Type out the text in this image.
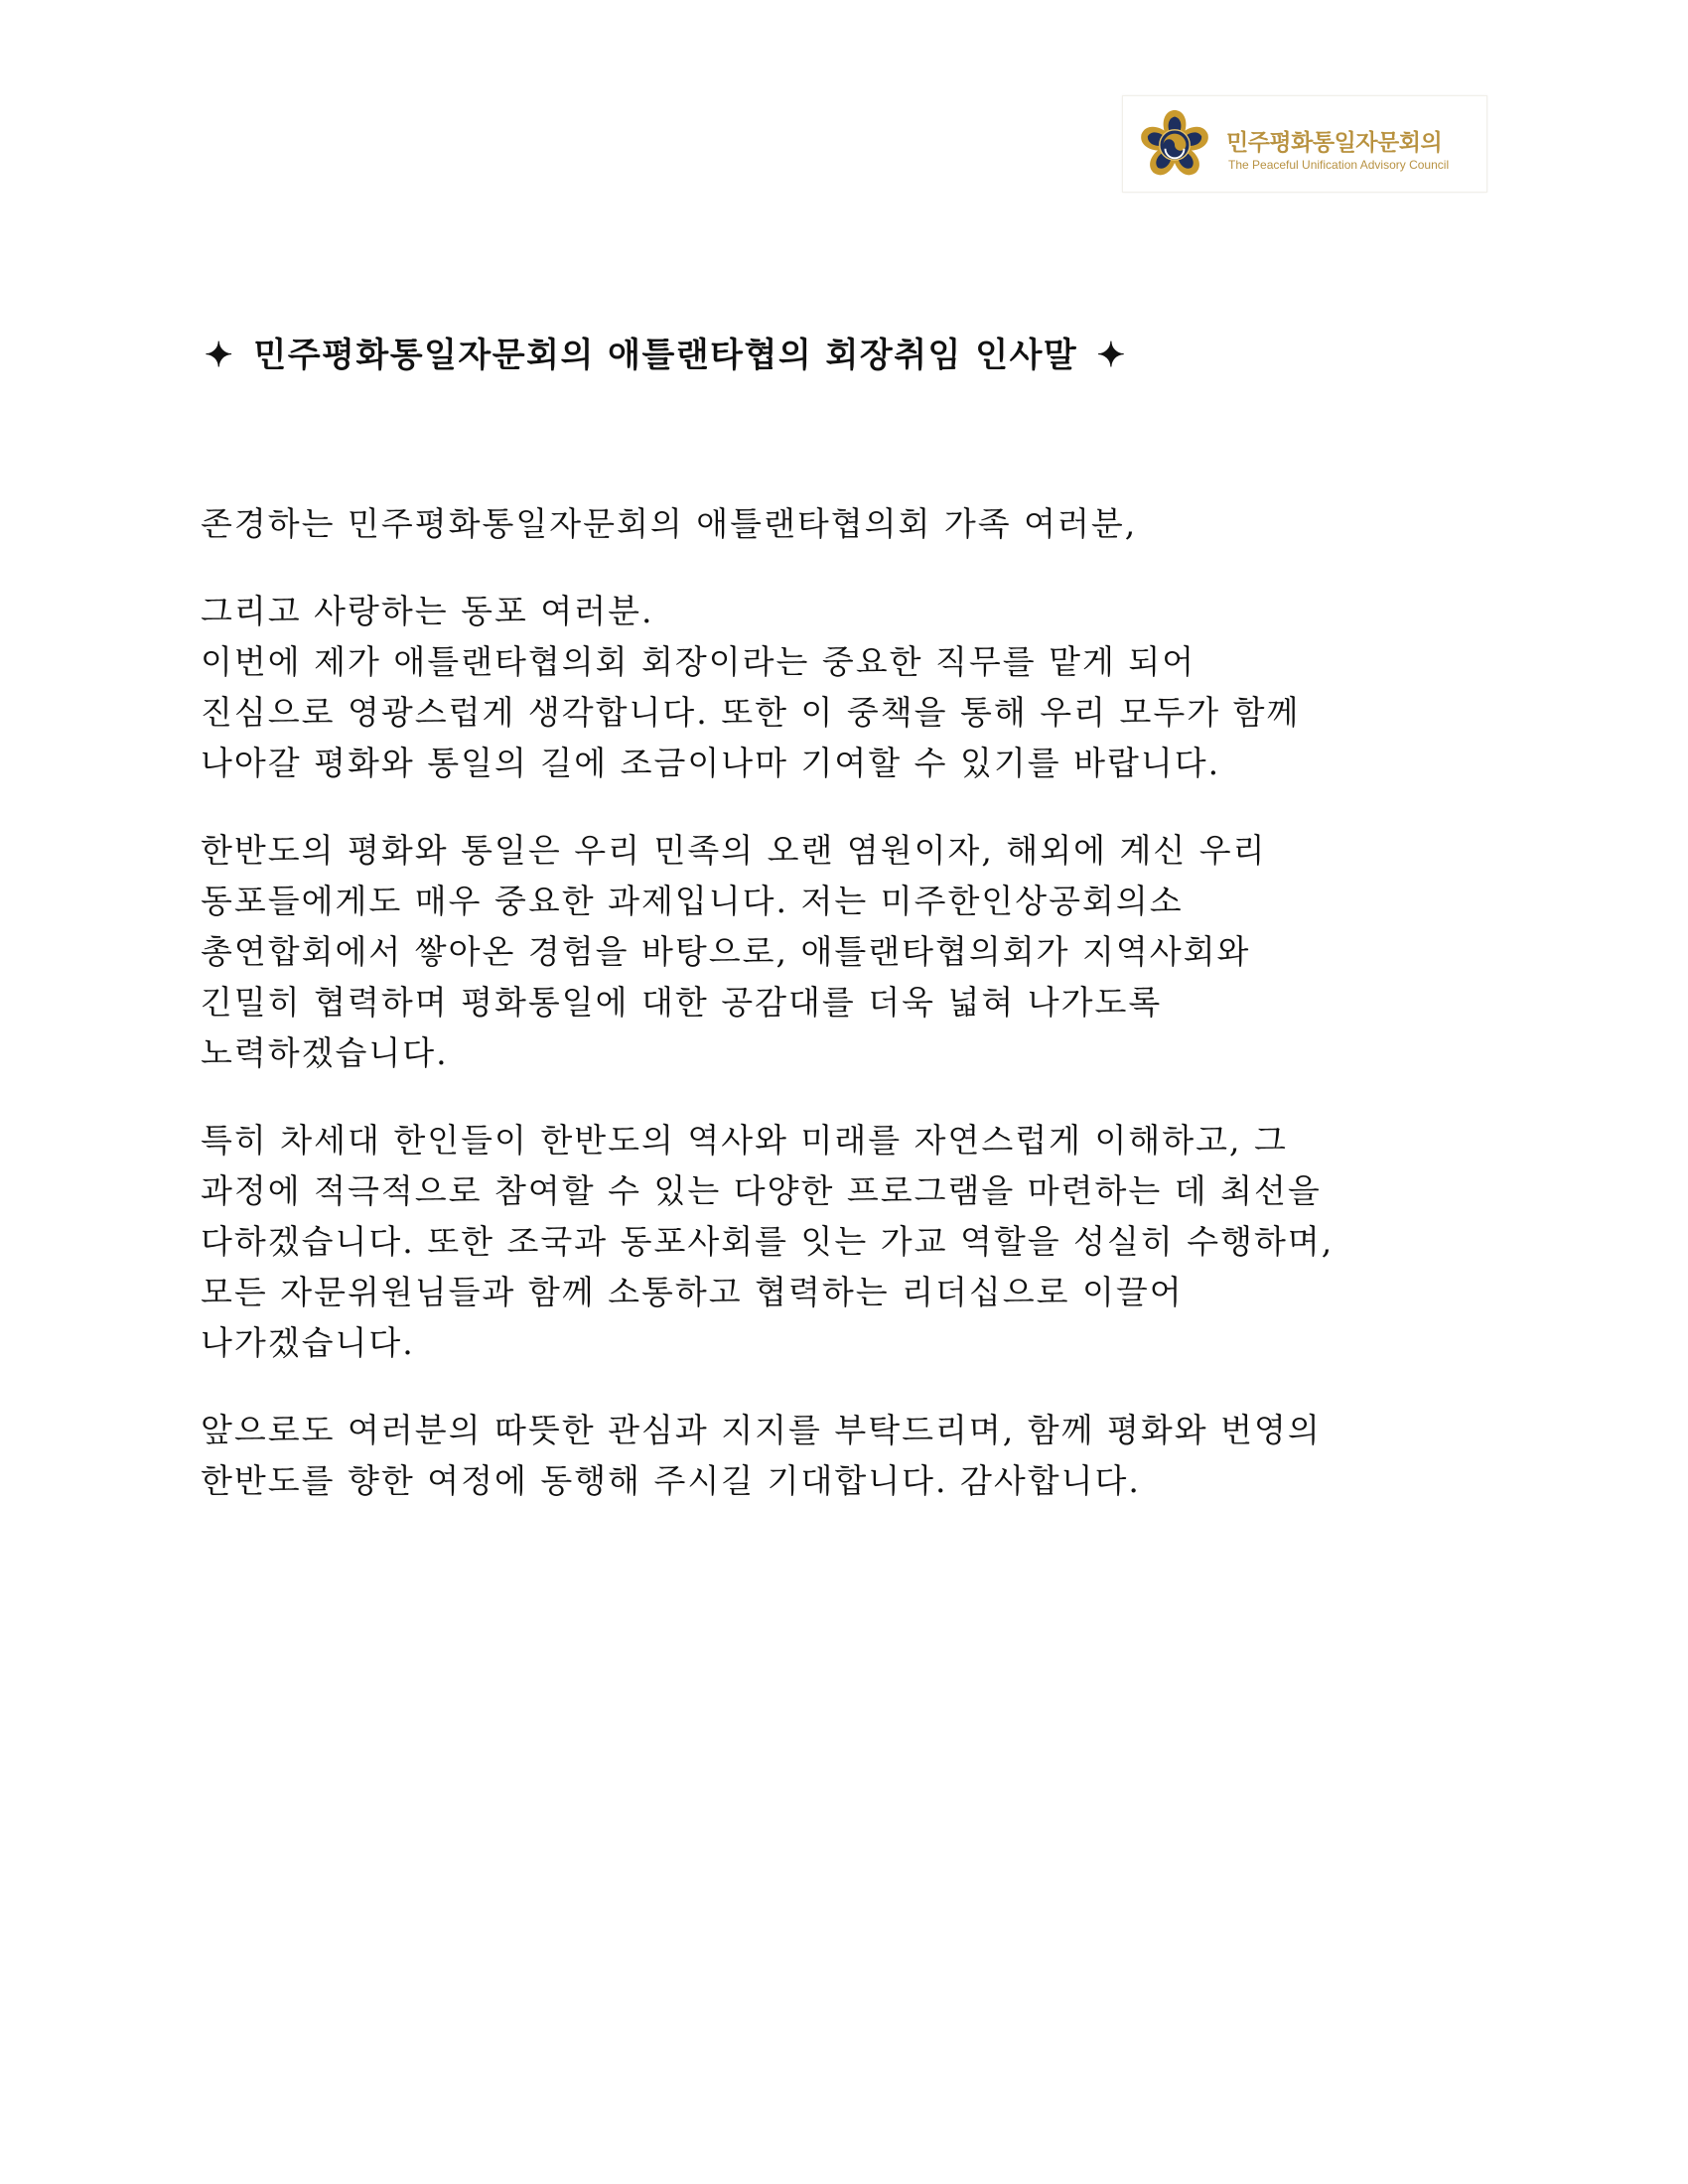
민주평화통일자문회의
The Peaceful Unification Advisory Council
✦ 민주평화통일자문회의 애틀랜타협의 회장취임 인사말 ✦

존경하는 민주평화통일자문회의 애틀랜타협의회 가족 여러분,

그리고 사랑하는 동포 여러분.
이번에 제가 애틀랜타협의회 회장이라는 중요한 직무를 맡게 되어
진심으로 영광스럽게 생각합니다. 또한 이 중책을 통해 우리 모두가 함께
나아갈 평화와 통일의 길에 조금이나마 기여할 수 있기를 바랍니다.

한반도의 평화와 통일은 우리 민족의 오랜 염원이자, 해외에 계신 우리
동포들에게도 매우 중요한 과제입니다. 저는 미주한인상공회의소
총연합회에서 쌓아온 경험을 바탕으로, 애틀랜타협의회가 지역사회와
긴밀히 협력하며 평화통일에 대한 공감대를 더욱 넓혀 나가도록
노력하겠습니다.

특히 차세대 한인들이 한반도의 역사와 미래를 자연스럽게 이해하고, 그
과정에 적극적으로 참여할 수 있는 다양한 프로그램을 마련하는 데 최선을
다하겠습니다. 또한 조국과 동포사회를 잇는 가교 역할을 성실히 수행하며,
모든 자문위원님들과 함께 소통하고 협력하는 리더십으로 이끌어
나가겠습니다.

앞으로도 여러분의 따뜻한 관심과 지지를 부탁드리며, 함께 평화와 번영의
한반도를 향한 여정에 동행해 주시길 기대합니다. 감사합니다.
